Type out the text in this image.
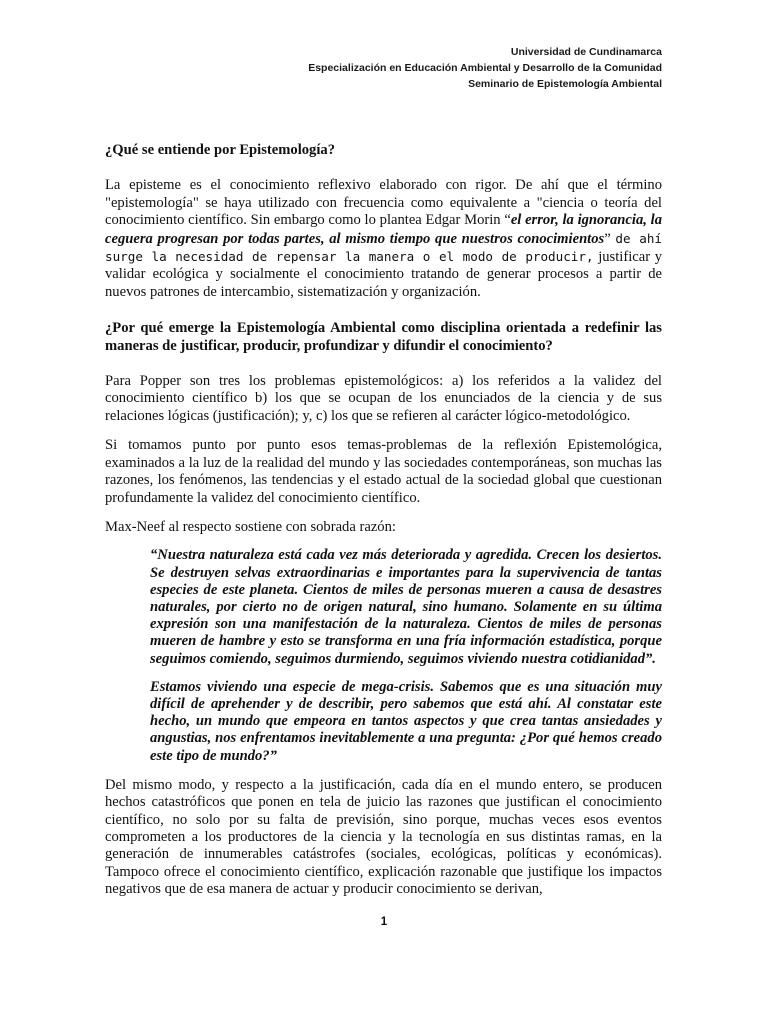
Universidad de Cundinamarca
Especialización en Educación Ambiental y Desarrollo de la Comunidad
Seminario de Epistemología Ambiental

¿Qué se entiende por Epistemología?

La episteme es el conocimiento reflexivo elaborado con rigor. De ahí que el término "epistemología" se haya utilizado con frecuencia como equivalente a "ciencia o teoría del conocimiento científico. Sin embargo como lo plantea Edgar Morin “el error, la ignorancia, la ceguera progresan por todas partes, al mismo tiempo que nuestros conocimientos” de ahí surge la necesidad de repensar la manera o el modo de producir, justificar y validar ecológica y socialmente el conocimiento tratando de generar procesos a partir de nuevos patrones de intercambio, sistematización y organización.

¿Por qué emerge la Epistemología Ambiental como disciplina orientada a redefinir las maneras de justificar, producir, profundizar y difundir el conocimiento?

Para Popper son tres los problemas epistemológicos: a) los referidos a la validez del conocimiento científico b) los que se ocupan de los enunciados de la ciencia y de sus relaciones lógicas (justificación); y, c) los que se refieren al carácter lógico-metodológico.

Si tomamos punto por punto esos temas-problemas de la reflexión Epistemológica, examinados a la luz de la realidad del mundo y las sociedades contemporáneas, son muchas las razones, los fenómenos, las tendencias y el estado actual de la sociedad global que cuestionan profundamente la validez del conocimiento científico.

Max-Neef al respecto sostiene con sobrada razón:

“Nuestra naturaleza está cada vez más deteriorada y agredida. Crecen los desiertos. Se destruyen selvas extraordinarias e importantes para la supervivencia de tantas especies de este planeta. Cientos de miles de personas mueren a causa de desastres naturales, por cierto no de origen natural, sino humano. Solamente en su última expresión son una manifestación de la naturaleza. Cientos de miles de personas mueren de hambre y esto se transforma en una fría información estadística, porque seguimos comiendo, seguimos durmiendo, seguimos viviendo nuestra cotidianidad”.

Estamos viviendo una especie de mega-crisis. Sabemos que es una situación muy difícil de aprehender y de describir, pero sabemos que está ahí. Al constatar este hecho, un mundo que empeora en tantos aspectos y que crea tantas ansiedades y angustias, nos enfrentamos inevitablemente a una pregunta: ¿Por qué hemos creado este tipo de mundo?”

Del mismo modo, y respecto a la justificación, cada día en el mundo entero, se producen hechos catastróficos que ponen en tela de juicio las razones que justifican el conocimiento científico, no solo por su falta de previsión, sino porque, muchas veces esos eventos comprometen a los productores de la ciencia y la tecnología en sus distintas ramas, en la generación de innumerables catástrofes (sociales, ecológicas, políticas y económicas). Tampoco ofrece el conocimiento científico, explicación razonable que justifique los impactos negativos que de esa manera de actuar y producir conocimiento se derivan,

1
